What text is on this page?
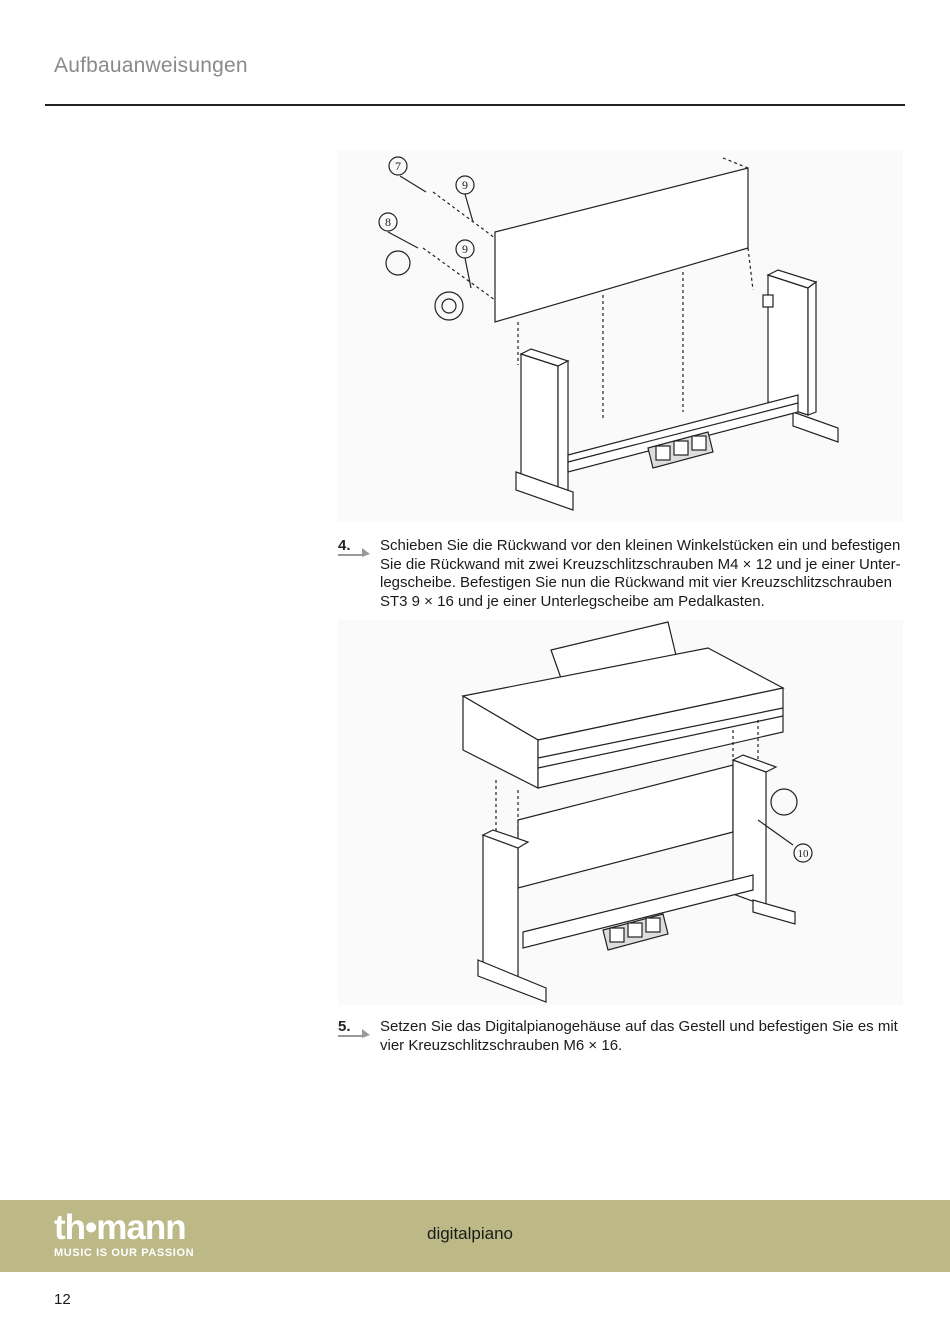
Aufbauanweisungen
7
9
8
9
4. Schieben Sie die Rückwand vor den kleinen Winkelstücken ein und befestigen Sie die Rückwand mit zwei Kreuzschlitzschrauben M4 × 12 und je einer Unterlegscheibe. Befestigen Sie nun die Rückwand mit vier Kreuzschlitzschrauben ST3 9 × 16 und je einer Unterlegscheibe am Pedalkasten.
10
5. Setzen Sie das Digitalpianogehäuse auf das Gestell und befestigen Sie es mit vier Kreuzschlitzschrauben M6 × 16.
th•mann
MUSIC IS OUR PASSION
digitalpiano
12
